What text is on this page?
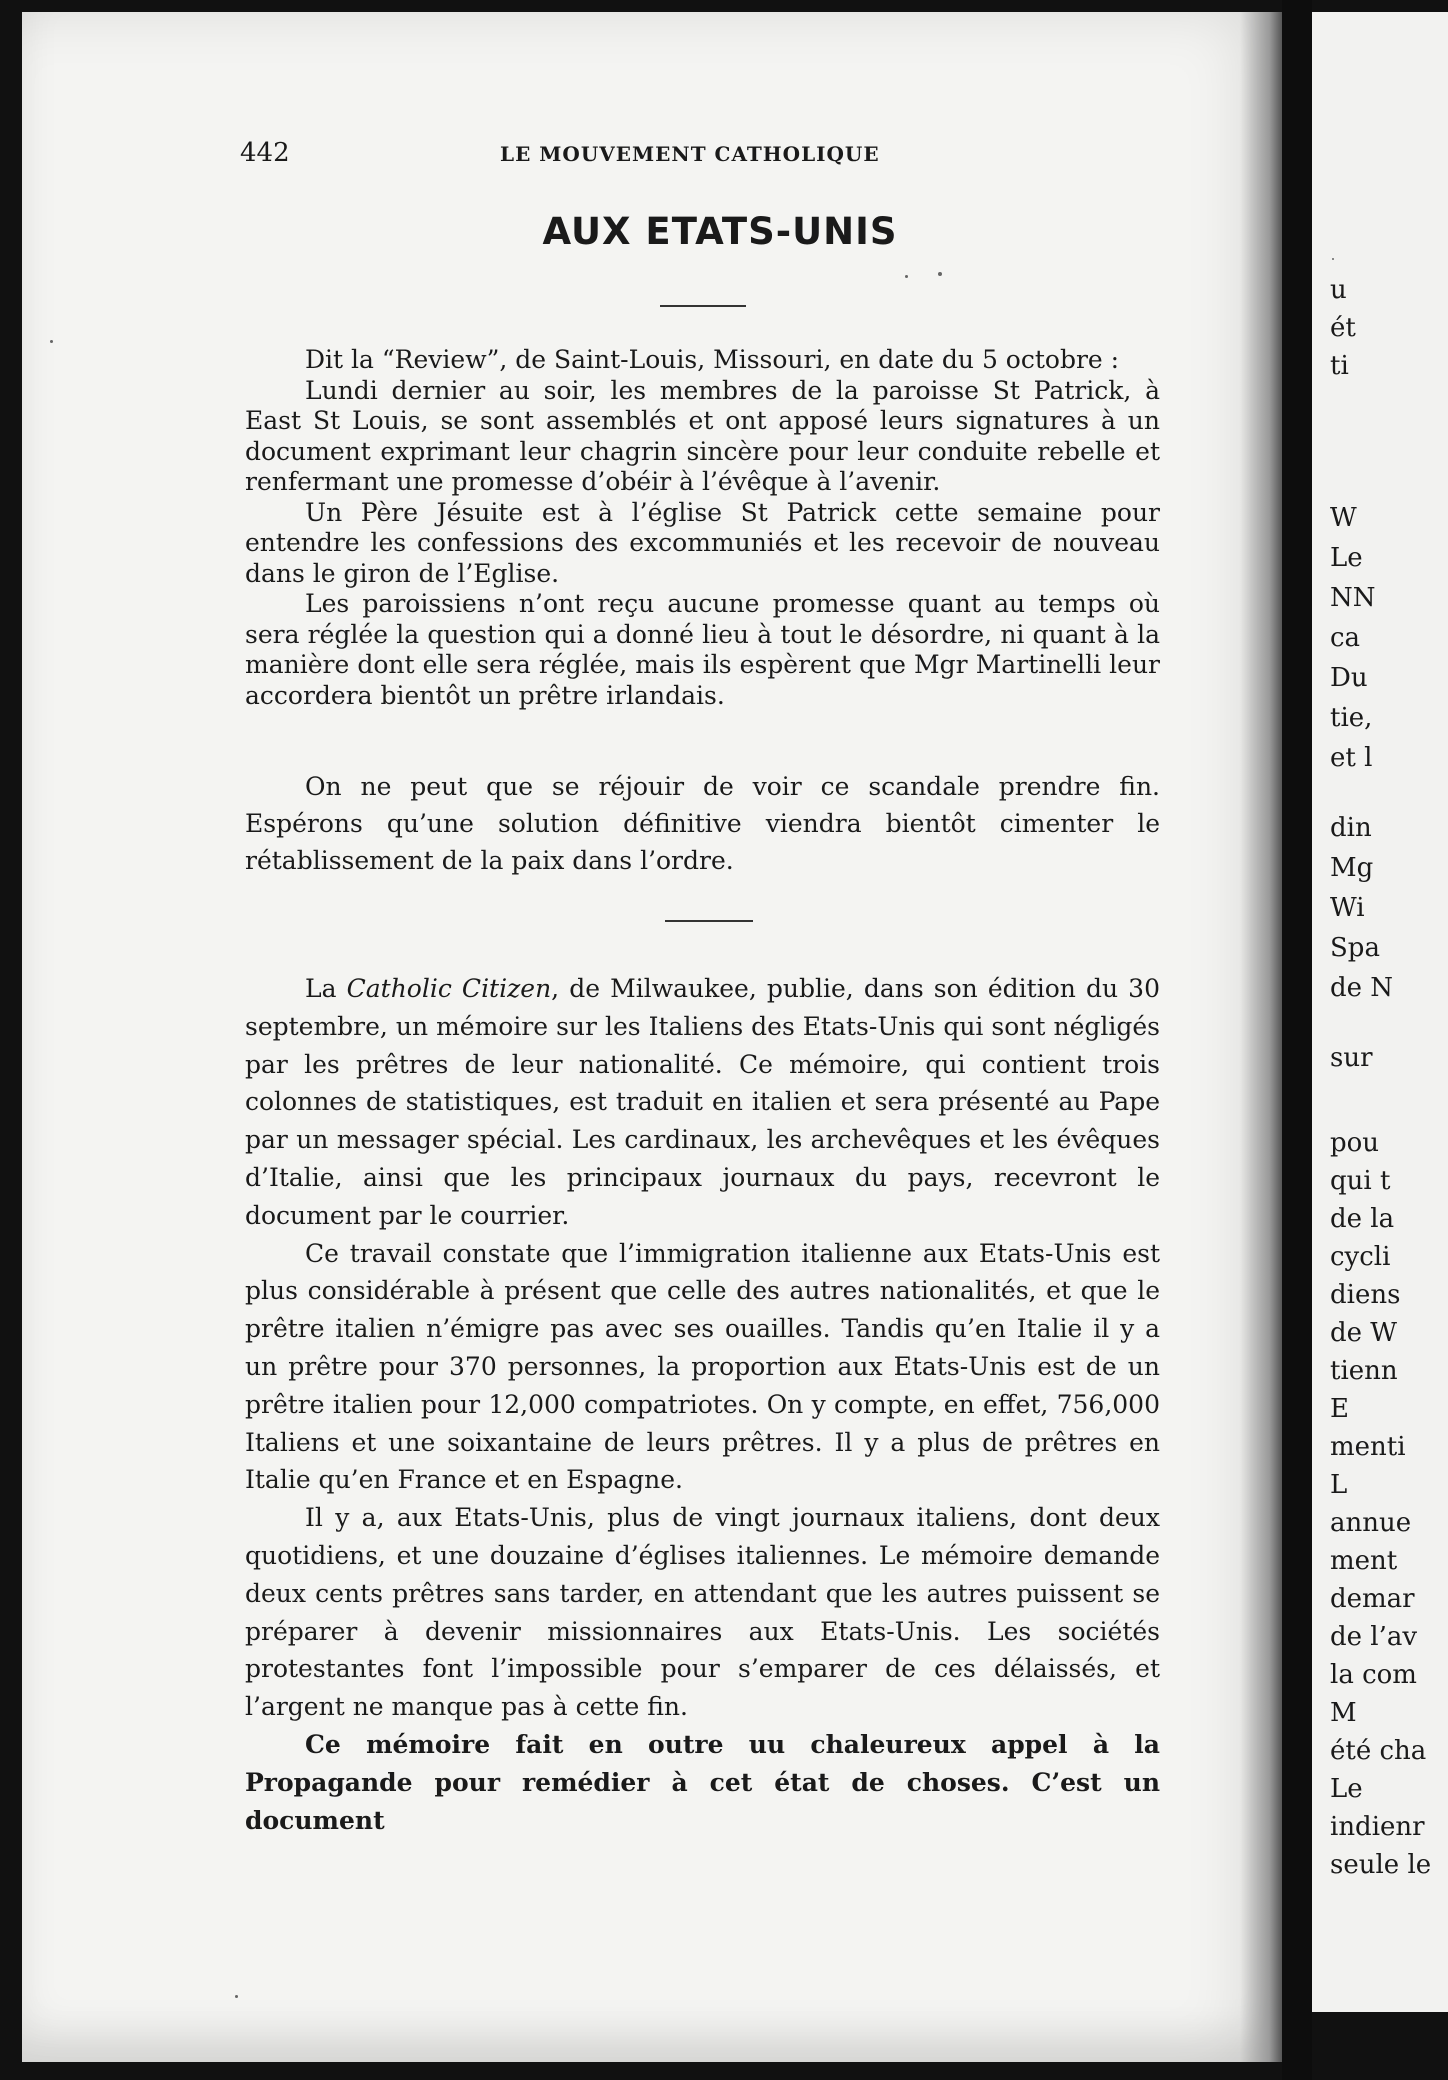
u
ét
ti
W
Le
NN
ca
Du
tie,
et l
din
Mg
Wi
Spa
de N
sur
pou
qui t
de la
cycli
diens
de W
tienn
E
menti
L
annue
ment
demar
de l’av
la com
M
été cha
Le
indienr
seule le
442	LE MOUVEMENT CATHOLIQUE
AUX ETATS-UNIS

Dit la “Review”, de Saint-Louis, Missouri, en date du 5 octobre :

Lundi dernier au soir, les membres de la paroisse St Patrick, à East St Louis, se sont assemblés et ont apposé leurs signatures à un document exprimant leur chagrin sincère pour leur conduite rebelle et renfermant une promesse d’obéir à l’évêque à l’avenir.

Un Père Jésuite est à l’église St Patrick cette semaine pour entendre les confessions des excommuniés et les recevoir de nouveau dans le giron de l’Eglise.

Les paroissiens n’ont reçu aucune promesse quant au temps où sera réglée la question qui a donné lieu à tout le désordre, ni quant à la manière dont elle sera réglée, mais ils espèrent que Mgr Martinelli leur accordera bientôt un prêtre irlandais.

On ne peut que se réjouir de voir ce scandale prendre fin. Espérons qu’une solution définitive viendra bientôt cimenter le rétablissement de la paix dans l’ordre.

La Catholic Citizen, de Milwaukee, publie, dans son édition du 30 septembre, un mémoire sur les Italiens des Etats-Unis qui sont négligés par les prêtres de leur nationalité. Ce mémoire, qui contient trois colonnes de statistiques, est traduit en italien et sera présenté au Pape par un messager spécial. Les cardinaux, les archevêques et les évêques d’Italie, ainsi que les principaux journaux du pays, recevront le document par le courrier.

Ce travail constate que l’immigration italienne aux Etats-Unis est plus considérable à présent que celle des autres nationalités, et que le prêtre italien n’émigre pas avec ses ouailles. Tandis qu’en Italie il y a un prêtre pour 370 personnes, la proportion aux Etats-Unis est de un prêtre italien pour 12,000 compatriotes. On y compte, en effet, 756,000 Italiens et une soixantaine de leurs prêtres. Il y a plus de prêtres en Italie qu’en France et en Espagne.

Il y a, aux Etats-Unis, plus de vingt journaux italiens, dont deux quotidiens, et une douzaine d’églises italiennes. Le mémoire demande deux cents prêtres sans tarder, en attendant que les autres puissent se préparer à devenir missionnaires aux Etats-Unis. Les sociétés protestantes font l’impossible pour s’emparer de ces délaissés, et l’argent ne manque pas à cette fin.

Ce mémoire fait en outre uu chaleureux appel à la Propagande pour remédier à cet état de choses. C’est un document
